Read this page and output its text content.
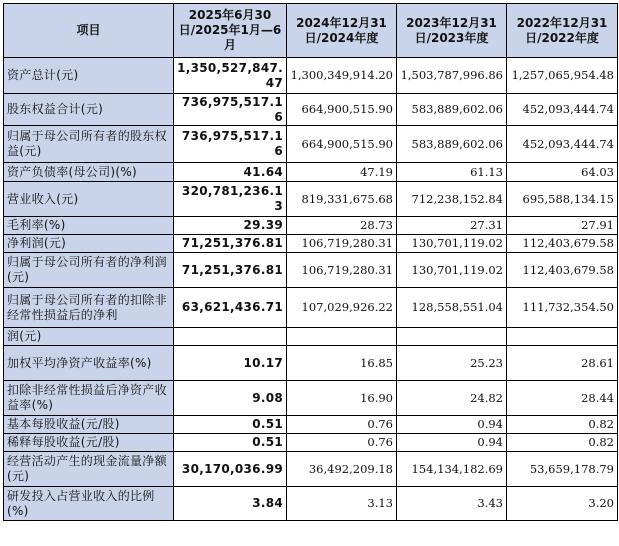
项目	2025年6月30日/2025年1月—6月	2024年12月31日/2024年度	2023年12月31日/2023年度	2022年12月31日/2022年度
资产总计(元)	1,350,527,847.47	1,300,349,914.20	1,503,787,996.86	1,257,065,954.48
股东权益合计(元)	736,975,517.16	664,900,515.90	583,889,602.06	452,093,444.74
归属于母公司所有者的股东权益(元)	736,975,517.16	664,900,515.90	583,889,602.06	452,093,444.74
资产负债率(母公司)(%)	41.64	47.19	61.13	64.03
营业收入(元)	320,781,236.13	819,331,675.68	712,238,152.84	695,588,134.15
毛利率(%)	29.39	28.73	27.31	27.91
净利润(元)	71,251,376.81	106,719,280.31	130,701,119.02	112,403,679.58
归属于母公司所有者的净利润(元)	71,251,376.81	106,719,280.31	130,701,119.02	112,403,679.58
归属于母公司所有者的扣除非经常性损益后的净利	63,621,436.71	107,029,926.22	128,558,551.04	111,732,354.50
润(元)				
加权平均净资产收益率(%)	10.17	16.85	25.23	28.61
扣除非经常性损益后净资产收益率(%)	9.08	16.90	24.82	28.44
基本每股收益(元/股)	0.51	0.76	0.94	0.82
稀释每股收益(元/股)	0.51	0.76	0.94	0.82
经营活动产生的现金流量净额(元)	30,170,036.99	36,492,209.18	154,134,182.69	53,659,178.79
研发投入占营业收入的比例(%)	3.84	3.13	3.43	3.20
